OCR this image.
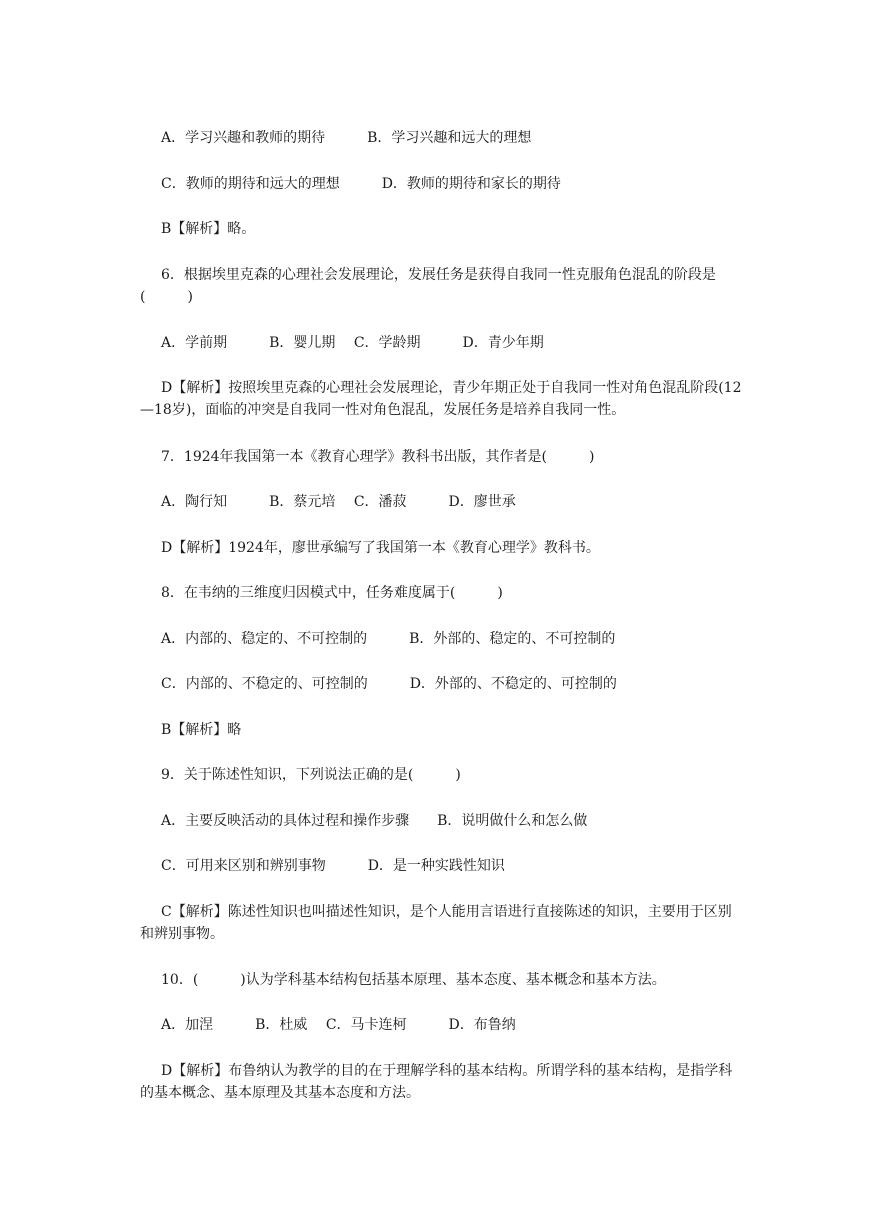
A．学习兴趣和教师的期待　　　B．学习兴趣和远大的理想

C．教师的期待和远大的理想　　　D．教师的期待和家长的期待

B【解析】略。

6．根据埃里克森的心理社会发展理论，发展任务是获得自我同一性克服角色混乱的阶段是(　　　)

A．学前期　　　B．婴儿期　 C．学龄期　　　D．青少年期

D【解析】按照埃里克森的心理社会发展理论，青少年期正处于自我同一性对角色混乱阶段(12—18岁)，面临的冲突是自我同一性对角色混乱，发展任务是培养自我同一性。

7．1924年我国第一本《教育心理学》教科书出版，其作者是(　　　)

A．陶行知　　　B．蔡元培　 C．潘菽　　　D．廖世承

D【解析】1924年，廖世承编写了我国第一本《教育心理学》教科书。

8．在韦纳的三维度归因模式中，任务难度属于(　　　)

A．内部的、稳定的、不可控制的　　　B．外部的、稳定的、不可控制的

C．内部的、不稳定的、可控制的　　　D．外部的、不稳定的、可控制的

B【解析】略

9．关于陈述性知识，下列说法正确的是(　　　)

A．主要反映活动的具体过程和操作步骤　　B．说明做什么和怎么做

C．可用来区别和辨别事物　　　D．是一种实践性知识

C【解析】陈述性知识也叫描述性知识，是个人能用言语进行直接陈述的知识，主要用于区别和辨别事物。

10．(　　　)认为学科基本结构包括基本原理、基本态度、基本概念和基本方法。

A．加涅　　　B．杜威　 C．马卡连柯　　　D．布鲁纳

D【解析】布鲁纳认为教学的目的在于理解学科的基本结构。所谓学科的基本结构，是指学科的基本概念、基本原理及其基本态度和方法。
